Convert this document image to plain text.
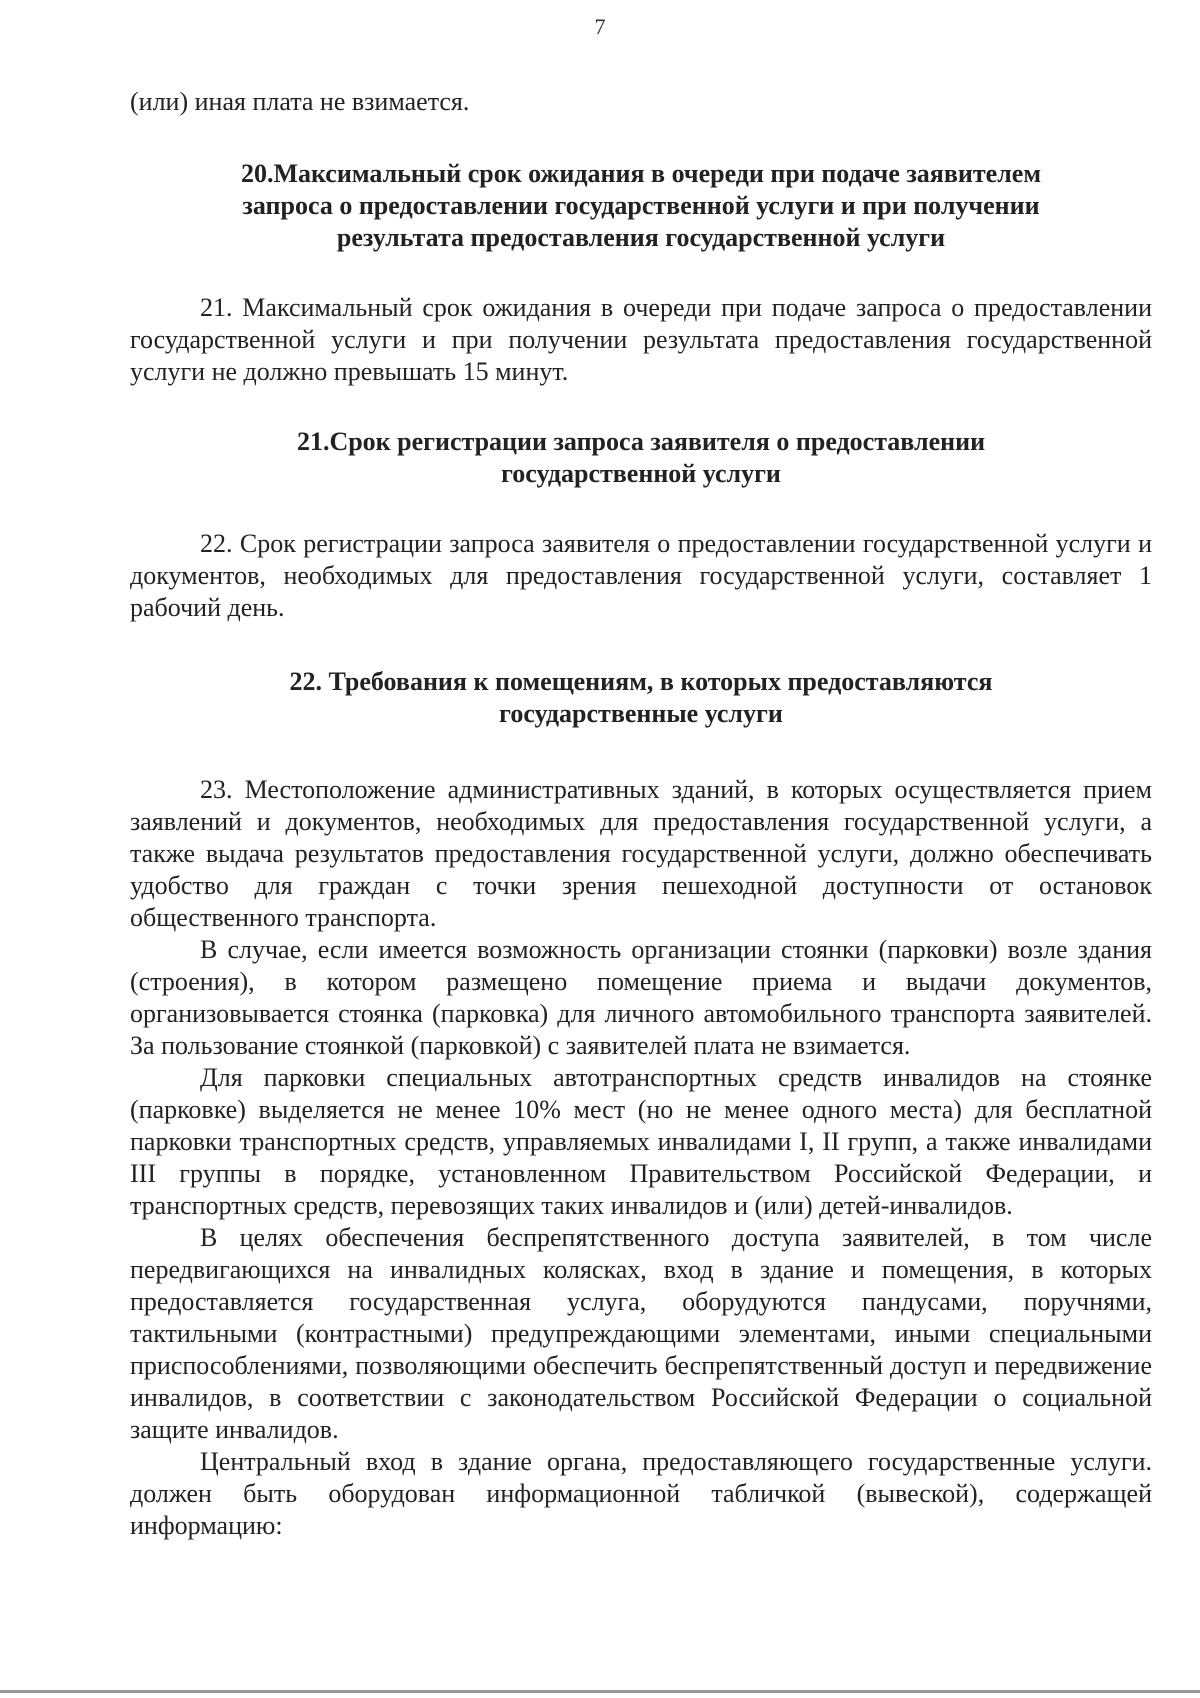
7

(или) иная плата не взимается.

20.Максимальный срок ожидания в очереди при подаче заявителем
запроса о предоставлении государственной услуги и при получении
результата предоставления государственной услуги

21. Максимальный срок ожидания в очереди при подаче запроса о предоставлении государственной услуги и при получении результата предоставления государственной услуги не должно превышать 15 минут.

21.Срок регистрации запроса заявителя о предоставлении
государственной услуги

22. Срок регистрации запроса заявителя о предоставлении государственной услуги и документов, необходимых для предоставления государственной услуги, составляет 1 рабочий день.

22. Требования к помещениям, в которых предоставляются
государственные услуги

23. Местоположение административных зданий, в которых осуществляется прием заявлений и документов, необходимых для предоставления государственной услуги, а также выдача результатов предоставления государственной услуги, должно обеспечивать удобство для граждан с точки зрения пешеходной доступности от остановок общественного транспорта.

В случае, если имеется возможность организации стоянки (парковки) возле здания (строения), в котором размещено помещение приема и выдачи документов, организовывается стоянка (парковка) для личного автомобильного транспорта заявителей. За пользование стоянкой (парковкой) с заявителей плата не взимается.

Для парковки специальных автотранспортных средств инвалидов на стоянке (парковке) выделяется не менее 10% мест (но не менее одного места) для бесплатной парковки транспортных средств, управляемых инвалидами I, II групп, а также инвалидами III группы в порядке, установленном Правительством Российской Федерации, и транспортных средств, перевозящих таких инвалидов и (или) детей-инвалидов.

В целях обеспечения беспрепятственного доступа заявителей, в том числе передвигающихся на инвалидных колясках, вход в здание и помещения, в которых предоставляется государственная услуга, оборудуются пандусами, поручнями, тактильными (контрастными) предупреждающими элементами, иными специальными приспособлениями, позволяющими обеспечить беспрепятственный доступ и передвижение инвалидов, в соответствии с законодательством Российской Федерации о социальной защите инвалидов.

Центральный вход в здание органа, предоставляющего государственные услуги. должен быть оборудован информационной табличкой (вывеской), содержащей информацию:
